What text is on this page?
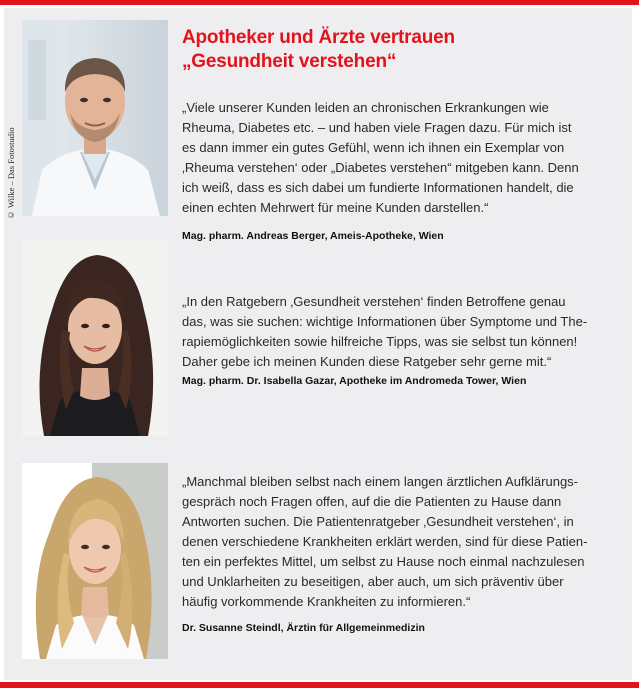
© Wilke – Das Fotostudio
Apotheker und Ärzte vertrauen
„Gesundheit verstehen“

„Viele unserer Kunden leiden an chronischen Erkrankungen wie
Rheuma, Diabetes etc. – und haben viele Fragen dazu. Für mich ist
es dann immer ein gutes Gefühl, wenn ich ihnen ein Exemplar von
‚Rheuma verstehen‘ oder „Diabetes verstehen“ mitgeben kann. Denn
ich weiß, dass es sich dabei um fundierte Informationen handelt, die
einen echten Mehrwert für meine Kunden darstellen.“

Mag. pharm. Andreas Berger, Ameis-Apotheke, Wien

„In den Ratgebern ‚Gesundheit verstehen‘ finden Betroffene genau
das, was sie suchen: wichtige Informationen über Symptome und The-
rapiemöglichkeiten sowie hilfreiche Tipps, was sie selbst tun können!
Daher gebe ich meinen Kunden diese Ratgeber sehr gerne mit.“

Mag. pharm. Dr. Isabella Gazar, Apotheke im Andromeda Tower, Wien

„Manchmal bleiben selbst nach einem langen ärztlichen Aufklärungs-
gespräch noch Fragen offen, auf die die Patienten zu Hause dann
Antworten suchen. Die Patientenratgeber ‚Gesundheit verstehen‘, in
denen verschiedene Krankheiten erklärt werden, sind für diese Patien-
ten ein perfektes Mittel, um selbst zu Hause noch einmal nachzulesen
und Unklarheiten zu beseitigen, aber auch, um sich präventiv über
häufig vorkommende Krankheiten zu informieren.“

Dr. Susanne Steindl, Ärztin für Allgemeinmedizin
